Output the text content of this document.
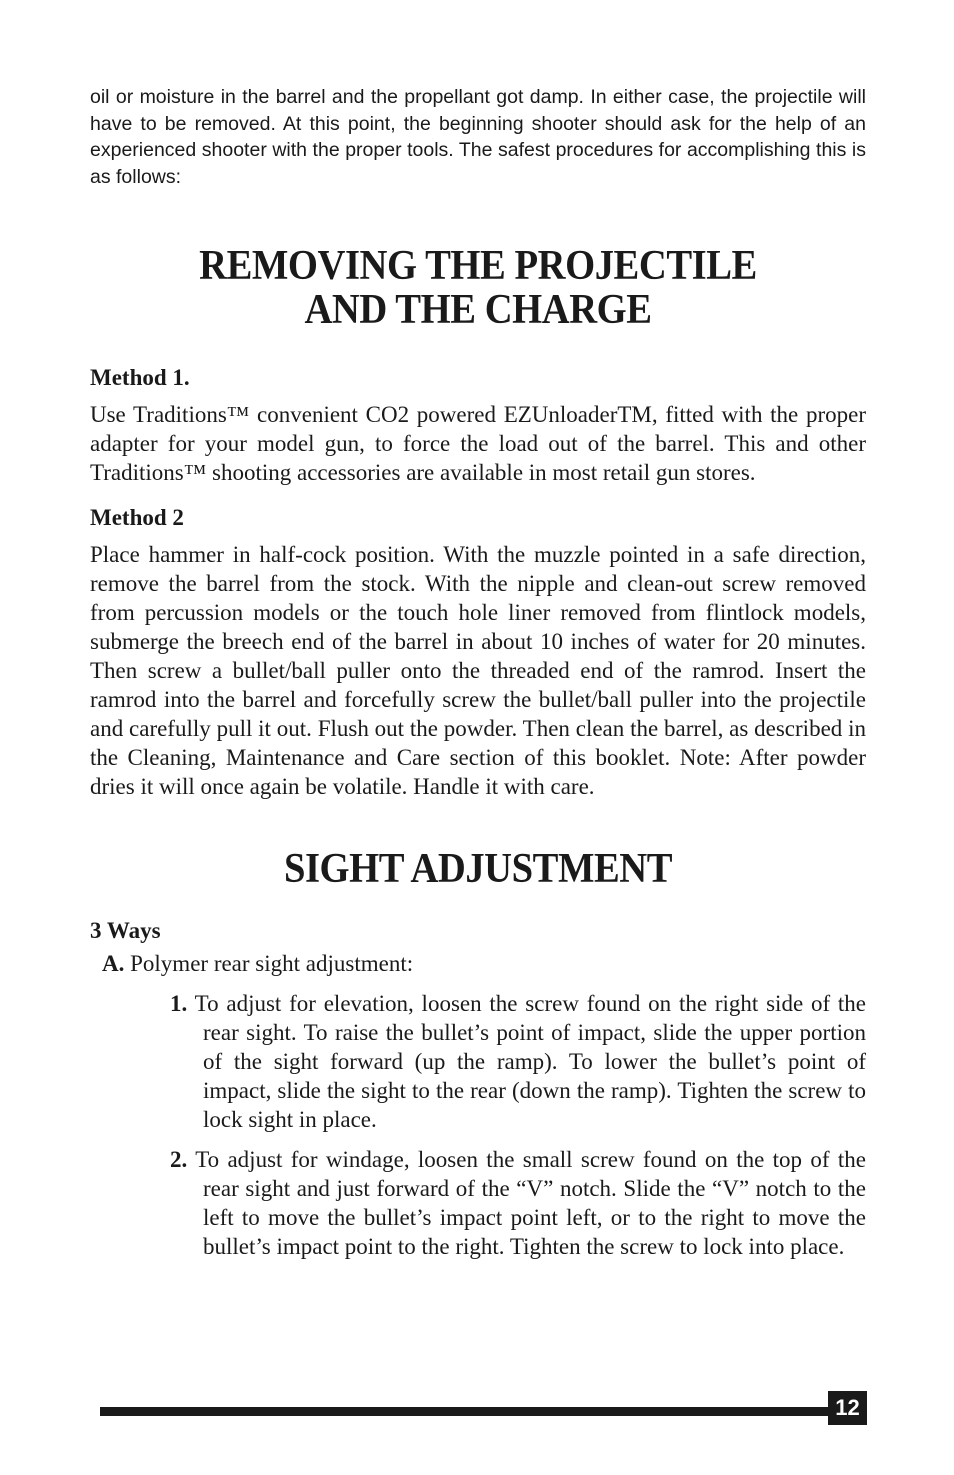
oil or moisture in the barrel and the propellant got damp. In either case, the projectile will have to be removed. At this point, the beginning shooter should ask for the help of an experienced shooter with the proper tools. The safest procedures for accomplishing this is as follows:

REMOVING THE PROJECTILE
AND THE CHARGE
Method 1.

Use Traditions™ convenient CO2 powered EZUnloaderTM, fitted with the proper adapter for your model gun, to force the load out of the barrel. This and other Traditions™ shooting accessories are available in most retail gun stores.

Method 2

Place hammer in half-cock position. With the muzzle pointed in a safe direction, remove the barrel from the stock. With the nipple and clean-out screw removed from percussion models or the touch hole liner removed from flintlock models, submerge the breech end of the barrel in about 10 inches of water for 20 minutes. Then screw a bullet/ball puller onto the threaded end of the ramrod. Insert the ramrod into the barrel and forcefully screw the bullet/ball puller into the projectile and carefully pull it out. Flush out the powder. Then clean the barrel, as described in the Cleaning, Maintenance and Care section of this booklet. Note: After powder dries it will once again be volatile. Handle it with care.

SIGHT ADJUSTMENT
3 Ways

A. Polymer rear sight adjustment:

1. To adjust for elevation, loosen the screw found on the right side of the rear sight. To raise the bullet’s point of impact, slide the upper portion of the sight forward (up the ramp). To lower the bullet’s point of impact, slide the sight to the rear (down the ramp). Tighten the screw to lock sight in place.

2. To adjust for windage, loosen the small screw found on the top of the rear sight and just forward of the “V” notch. Slide the “V” notch to the left to move the bullet’s impact point left, or to the right to move the bullet’s impact point to the right. Tighten the screw to lock into place.

12
